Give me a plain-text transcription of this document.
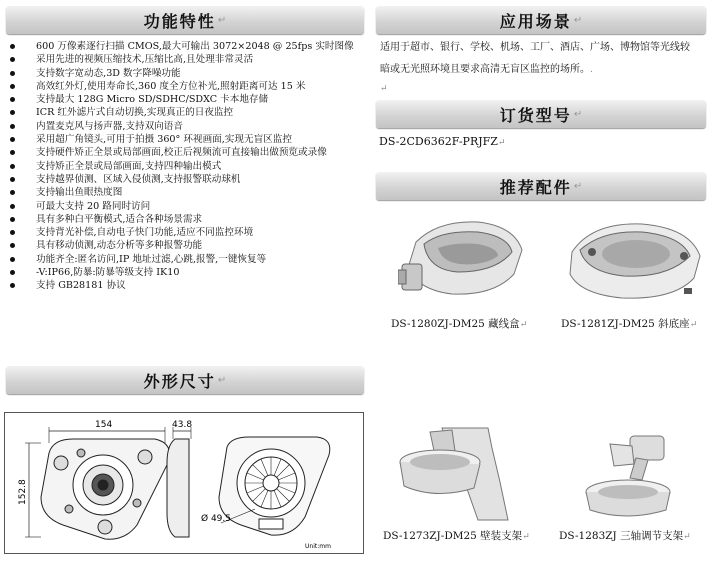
功能特性 ↵
600 万像素逐行扫描 CMOS,最大可输出 3072×2048 @ 25fps 实时图像
采用先进的视频压缩技术,压缩比高,且处理非常灵活
支持数字宽动态,3D 数字降噪功能
高效红外灯,使用寿命长,360 度全方位补光,照射距离可达 15 米
支持最大 128G Micro SD/SDHC/SDXC 卡本地存储
ICR 红外滤片式自动切换,实现真正的日夜监控
内置麦克风与扬声器,支持双向语音
采用超广角镜头,可用于拍摄 360° 环视画面,实现无盲区监控
支持硬件矫正全景或局部画面,校正后视频流可直接输出做预览或录像
支持矫正全景或局部画面,支持四种输出模式
支持越界侦测、区域入侵侦测,支持报警联动球机
支持输出鱼眼热度图
可最大支持 20 路同时访问
具有多种白平衡模式,适合各种场景需求
支持背光补偿,自动电子快门功能,适应不同监控环境
具有移动侦测,动态分析等多种报警功能
功能齐全:匿名访问,IP 地址过滤,心跳,报警,一键恢复等
-V:IP66,防暴:防暴等级支持 IK10
支持 GB28181 协议
外形尺寸 ↵
154	43.8
Ø 49.5
Unit:mm
152.8
应用场景 ↵
适用于超市、银行、学校、机场、工厂、酒店、广场、博物馆等光线较
暗或无光照环境且要求高清无盲区监控的场所。.
↵
订货型号 ↵
DS-2CD6362F-PRJFZ↵
推荐配件 ↵
DS-1280ZJ-DM25 藏线盒↵	DS-1281ZJ-DM25 斜底座↵
DS-1273ZJ-DM25 壁装支架↵	DS-1283ZJ 三轴调节支架↵
